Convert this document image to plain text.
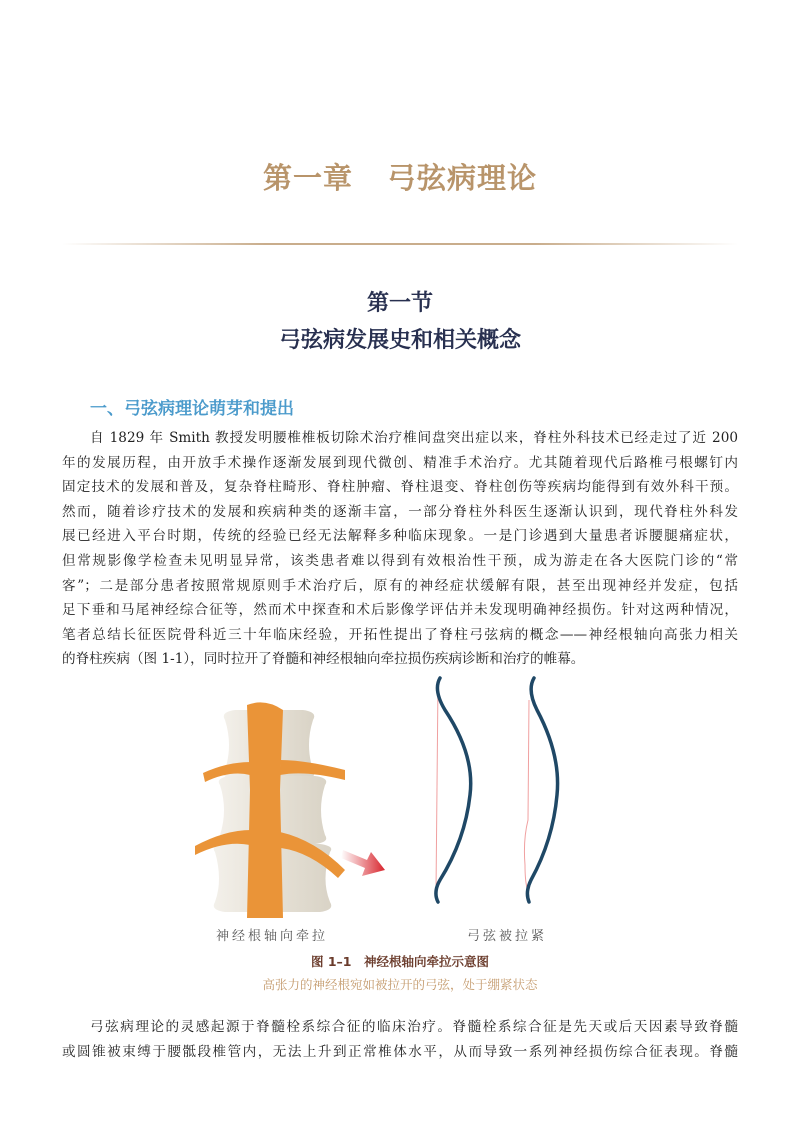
第一章 弓弦病理论
第一节
弓弦病发展史和相关概念
一、弓弦病理论萌芽和提出
自 1829 年 Smith 教授发明腰椎椎板切除术治疗椎间盘突出症以来，脊柱外科技术已经走过了近 200
年的发展历程，由开放手术操作逐渐发展到现代微创、精准手术治疗。尤其随着现代后路椎弓根螺钉内
固定技术的发展和普及，复杂脊柱畸形、脊柱肿瘤、脊柱退变、脊柱创伤等疾病均能得到有效外科干预。
然而，随着诊疗技术的发展和疾病种类的逐渐丰富，一部分脊柱外科医生逐渐认识到，现代脊柱外科发
展已经进入平台时期，传统的经验已经无法解释多种临床现象。一是门诊遇到大量患者诉腰腿痛症状，
但常规影像学检查未见明显异常，该类患者难以得到有效根治性干预，成为游走在各大医院门诊的“常
客”；二是部分患者按照常规原则手术治疗后，原有的神经症状缓解有限，甚至出现神经并发症，包括
足下垂和马尾神经综合征等，然而术中探查和术后影像学评估并未发现明确神经损伤。针对这两种情况，
笔者总结长征医院骨科近三十年临床经验，开拓性提出了脊柱弓弦病的概念——神经根轴向高张力相关
的脊柱疾病（图 1-1），同时拉开了脊髓和神经根轴向牵拉损伤疾病诊断和治疗的帷幕。
神经根轴向牵拉	弓弦被拉紧
图 1–1　神经根轴向牵拉示意图
高张力的神经根宛如被拉开的弓弦，处于绷紧状态
弓弦病理论的灵感起源于脊髓栓系综合征的临床治疗。脊髓栓系综合征是先天或后天因素导致脊髓
或圆锥被束缚于腰骶段椎管内，无法上升到正常椎体水平，从而导致一系列神经损伤综合征表现。脊髓
